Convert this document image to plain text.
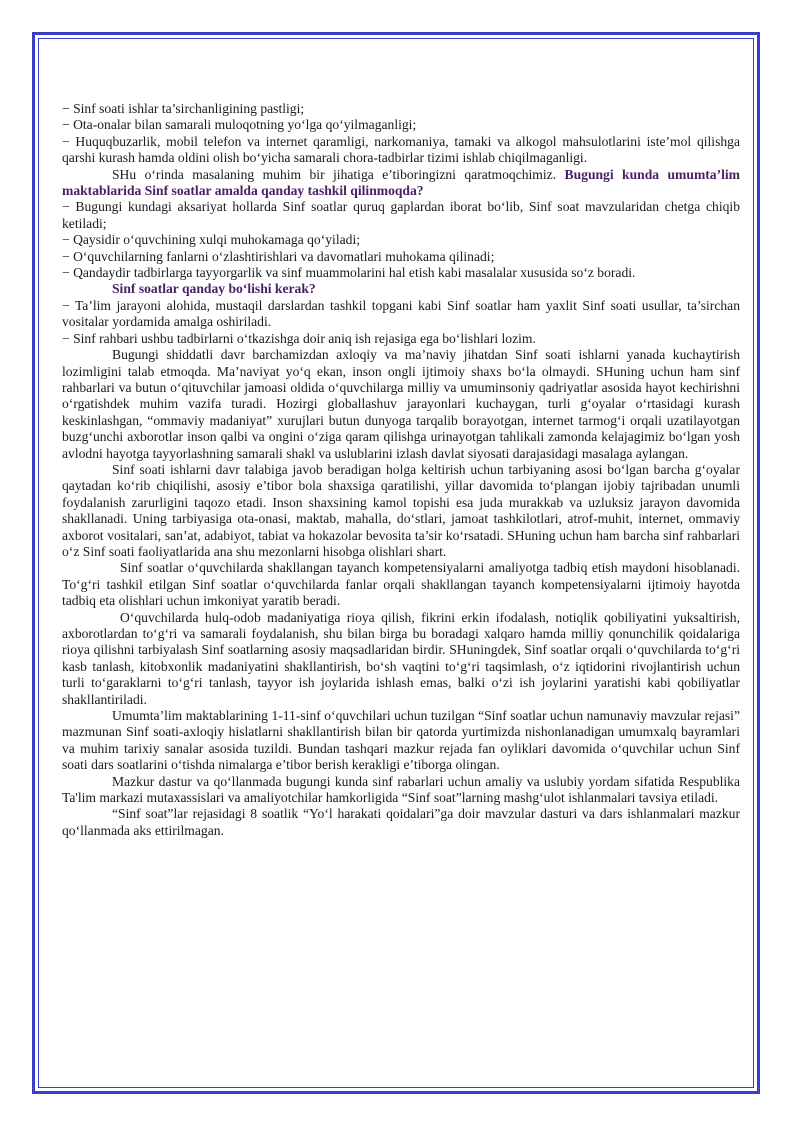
− Sinf soati ishlar ta’sirchanligining pastligi;

− Ota-onalar bilan samarali muloqotning yo‘lga qo‘yilmaganligi;

− Huquqbuzarlik, mobil telefon va internet qaramligi, narkomaniya, tamaki va alkogol mahsulotlarini iste’mol qilishga qarshi kurash hamda oldini olish bo‘yicha samarali chora-tadbirlar tizimi ishlab chiqilmaganligi.

SHu o‘rinda masalaning muhim bir jihatiga e’tiboringizni qaratmoqchimiz. Bugungi kunda umumta’lim maktablarida Sinf soatlar amalda qanday tashkil qilinmoqda?

− Bugungi kundagi aksariyat hollarda Sinf soatlar quruq gaplardan iborat bo‘lib, Sinf soat mavzularidan chetga chiqib ketiladi;

− Qaysidir o‘quvchining xulqi muhokamaga qo‘yiladi;

− O‘quvchilarning fanlarni o‘zlashtirishlari va davomatlari muhokama qilinadi;

− Qandaydir tadbirlarga tayyorgarlik va sinf muammolarini hal etish kabi masalalar xususida so‘z boradi.

Sinf soatlar qanday bo‘lishi kerak?

− Ta’lim jarayoni alohida, mustaqil darslardan tashkil topgani kabi Sinf soatlar ham yaxlit Sinf soati usullar, ta’sirchan vositalar yordamida amalga oshiriladi.

− Sinf rahbari ushbu tadbirlarni o‘tkazishga doir aniq ish rejasiga ega bo‘lishlari lozim.

Bugungi shiddatli davr barchamizdan axloqiy va ma’naviy jihatdan Sinf soati ishlarni yanada kuchaytirish lozimligini talab etmoqda. Ma’naviyat yo‘q ekan, inson ongli ijtimoiy shaxs bo‘la olmaydi. SHuning uchun ham sinf rahbarlari va butun o‘qituvchilar jamoasi oldida o‘quvchilarga milliy va umuminsoniy qadriyatlar asosida hayot kechirishni o‘rgatishdek muhim vazifa turadi. Hozirgi globallashuv jarayonlari kuchaygan, turli g‘oyalar o‘rtasidagi kurash keskinlashgan, “ommaviy madaniyat” xurujlari butun dunyoga tarqalib borayotgan, internet tarmog‘i orqali uzatilayotgan buzg‘unchi axborotlar inson qalbi va ongini o‘ziga qaram qilishga urinayotgan tahlikali zamonda kelajagimiz bo‘lgan yosh avlodni hayotga tayyorlashning samarali shakl va uslublarini izlash davlat siyosati darajasidagi masalaga aylangan.

Sinf soati ishlarni davr talabiga javob beradigan holga keltirish uchun tarbiyaning asosi bo‘lgan barcha g‘oyalar qaytadan ko‘rib chiqilishi, asosiy e’tibor bola shaxsiga qaratilishi, yillar davomida to‘plangan ijobiy tajribadan unumli foydalanish zarurligini taqozo etadi. Inson shaxsining kamol topishi esa juda murakkab va uzluksiz jarayon davomida shakllanadi. Uning tarbiyasiga ota-onasi, maktab, mahalla, do‘stlari, jamoat tashkilotlari, atrof-muhit, internet, ommaviy axborot vositalari, san’at, adabiyot, tabiat va hokazolar bevosita ta’sir ko‘rsatadi. SHuning uchun ham barcha sinf rahbarlari o‘z Sinf soati faoliyatlarida ana shu mezonlarni hisobga olishlari shart.

Sinf soatlar o‘quvchilarda shakllangan tayanch kompetensiyalarni amaliyotga tadbiq etish maydoni hisoblanadi. To‘g‘ri tashkil etilgan Sinf soatlar o‘quvchilarda fanlar orqali shakllangan tayanch kompetensiyalarni ijtimoiy hayotda tadbiq eta olishlari uchun imkoniyat yaratib beradi.

O‘quvchilarda hulq-odob madaniyatiga rioya qilish, fikrini erkin ifodalash, notiqlik qobiliyatini yuksaltirish, axborotlardan to‘g‘ri va samarali foydalanish, shu bilan birga bu boradagi xalqaro hamda milliy qonunchilik qoidalariga rioya qilishni tarbiyalash Sinf soatlarning asosiy maqsadlaridan birdir. SHuningdek, Sinf soatlar orqali o‘quvchilarda to‘g‘ri kasb tanlash, kitobxonlik madaniyatini shakllantirish, bo‘sh vaqtini to‘g‘ri taqsimlash, o‘z iqtidorini rivojlantirish uchun turli to‘garaklarni to‘g‘ri tanlash, tayyor ish joylarida ishlash emas, balki o‘zi ish joylarini yaratishi kabi qobiliyatlar shakllantiriladi.

Umumta’lim maktablarining 1-11-sinf o‘quvchilari uchun tuzilgan “Sinf soatlar uchun namunaviy mavzular rejasi” mazmunan Sinf soati-axloqiy hislatlarni shakllantirish bilan bir qatorda yurtimizda nishonlanadigan umumxalq bayramlari va muhim tarixiy sanalar asosida tuzildi. Bundan tashqari mazkur rejada fan oyliklari davomida o‘quvchilar uchun Sinf soati dars soatlarini o‘tishda nimalarga e’tibor berish kerakligi e’tiborga olingan.

Mazkur dastur va qo‘llanmada bugungi kunda sinf rabarlari uchun amaliy va uslubiy yordam sifatida Respublika Ta'lim markazi mutaxassislari va amaliyotchilar hamkorligida “Sinf soat”larning mashg‘ulot ishlanmalari tavsiya etiladi.

“Sinf soat”lar rejasidagi 8 soatlik “Yo‘l harakati qoidalari”ga doir mavzular dasturi va dars ishlanmalari mazkur qo‘llanmada aks ettirilmagan.
